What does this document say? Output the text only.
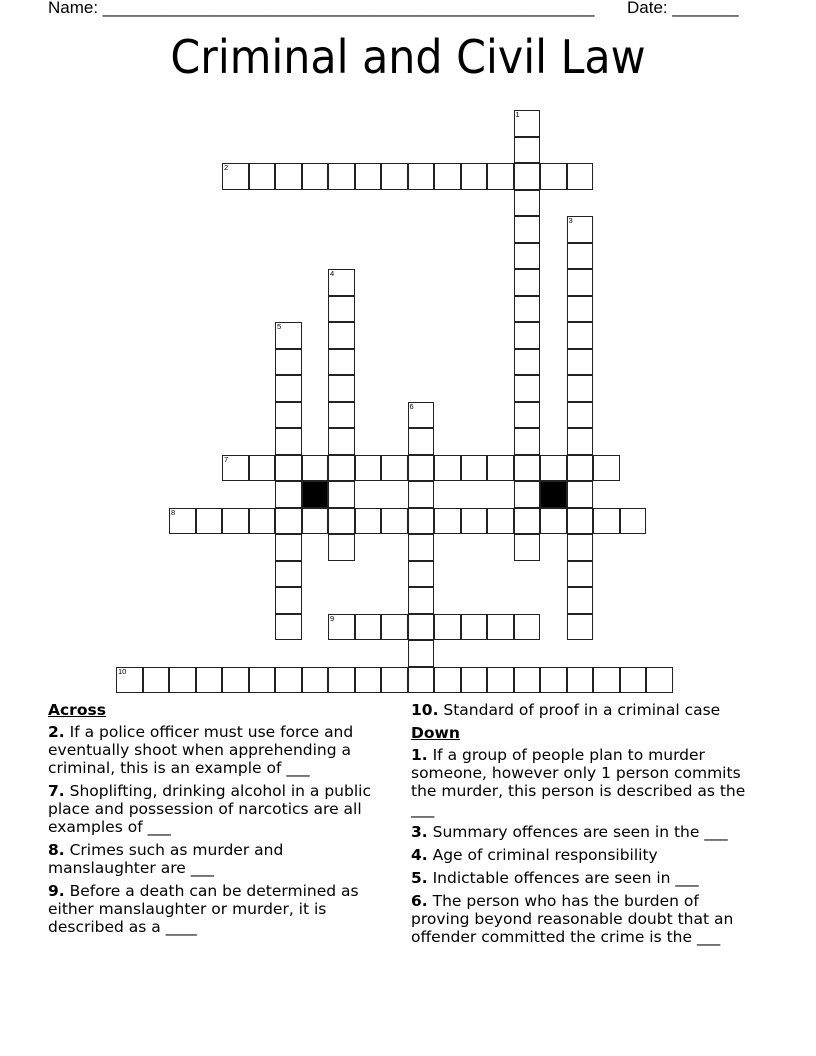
Name: ____________________________________________________ Date: _______
Criminal and Civil Law
1
2
3
4
5
6
7
8
9
10
Across
2. If a police officer must use force and eventually shoot when apprehending a criminal, this is an example of ___
7. Shoplifting, drinking alcohol in a public place and possession of narcotics are all examples of ___
8. Crimes such as murder and manslaughter are ___
9. Before a death can be determined as either manslaughter or murder, it is described as a ____
10. Standard of proof in a criminal case
Down
1. If a group of people plan to murder someone, however only 1 person commits the murder, this person is described as the ___
3. Summary offences are seen in the ___
4. Age of criminal responsibility
5. Indictable offences are seen in ___
6. The person who has the burden of proving beyond reasonable doubt that an offender committed the crime is the ___
